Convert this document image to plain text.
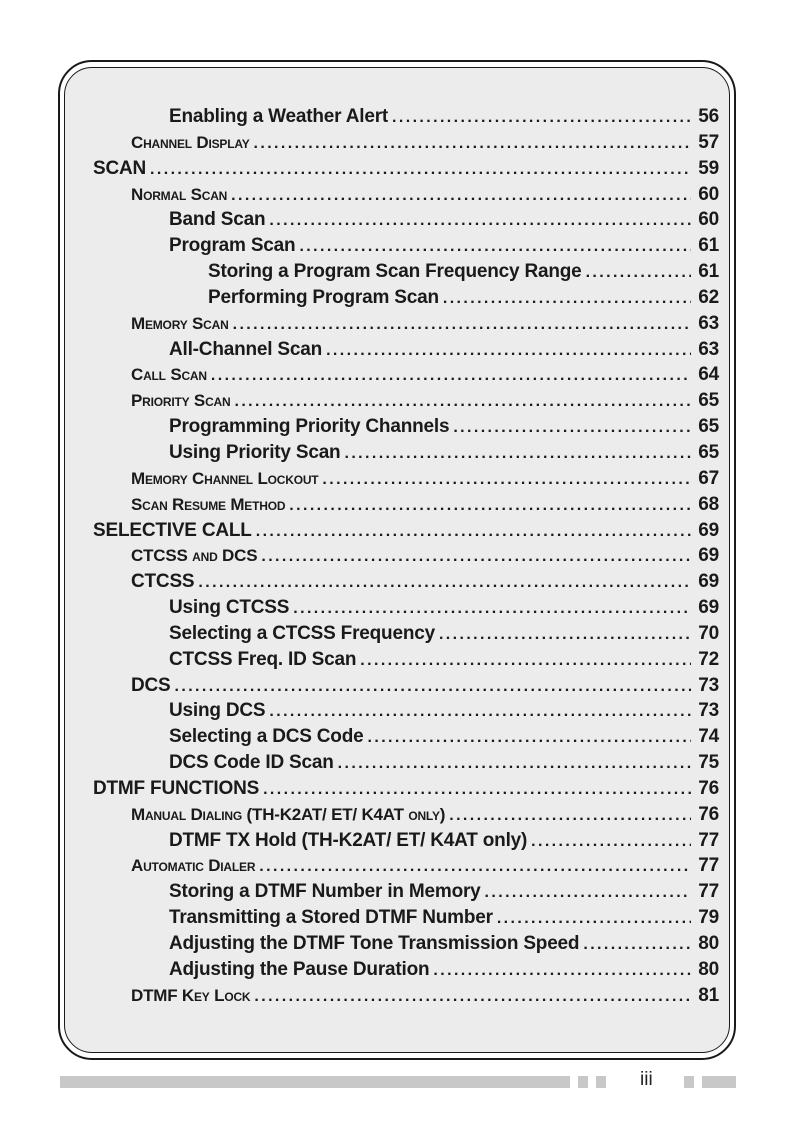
Enabling a Weather Alert .....	56
Channel Display .....	57
SCAN .....	59
Normal Scan .....	60
Band Scan .....	60
Program Scan .....	61
Storing a Program Scan Frequency Range .....	61
Performing Program Scan .....	62
Memory Scan .....	63
All-Channel Scan .....	63
Call Scan .....	64
Priority Scan .....	65
Programming Priority Channels .....	65
Using Priority Scan .....	65
Memory Channel Lockout .....	67
Scan Resume Method .....	68
SELECTIVE CALL .....	69
CTCSS and DCS .....	69
CTCSS .....	69
Using CTCSS .....	69
Selecting a CTCSS Frequency .....	70
CTCSS Freq. ID Scan .....	72
DCS .....	73
Using DCS .....	73
Selecting a DCS Code .....	74
DCS Code ID Scan .....	75
DTMF FUNCTIONS .....	76
Manual Dialing (TH-K2AT/ ET/ K4AT only) .....	76
DTMF TX Hold (TH-K2AT/ ET/ K4AT only) .....	77
Automatic Dialer .....	77
Storing a DTMF Number in Memory .....	77
Transmitting a Stored DTMF Number .....	79
Adjusting the DTMF Tone Transmission Speed .....	80
Adjusting the Pause Duration .....	80
DTMF Key Lock .....	81
iii
